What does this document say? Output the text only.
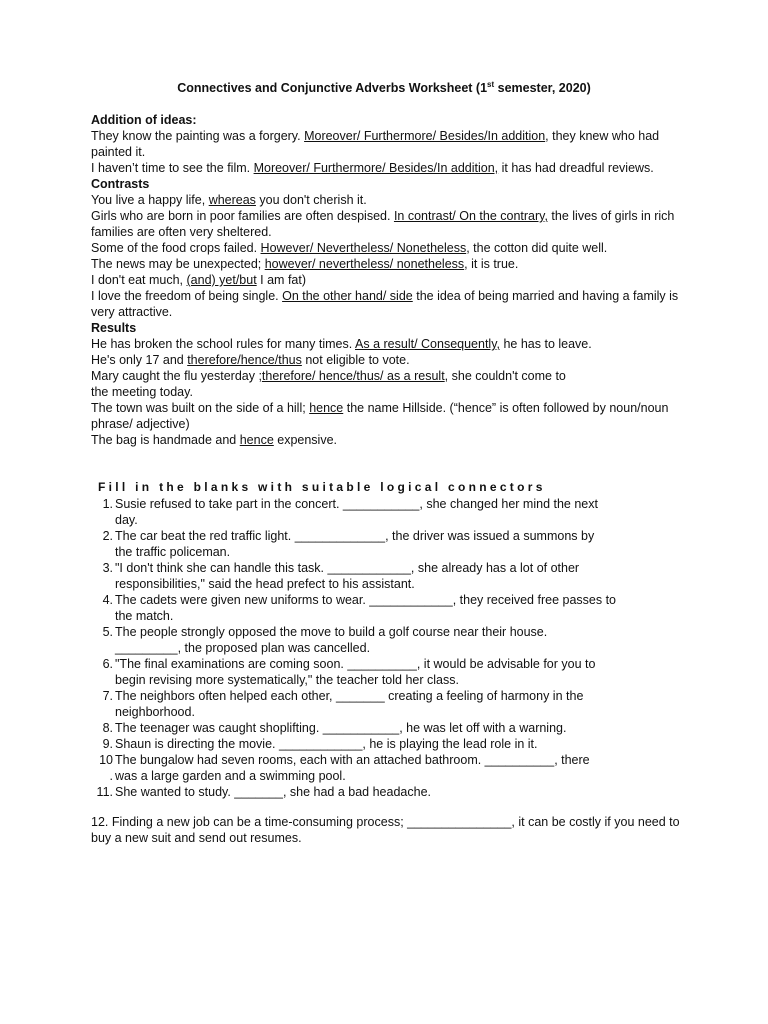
Connectives and Conjunctive Adverbs Worksheet (1st semester, 2020)

Addition of ideas:

They know the painting was a forgery. Moreover/ Furthermore/ Besides/In addition, they knew who had painted it.

I haven’t time to see the film. Moreover/ Furthermore/ Besides/In addition, it has had dreadful reviews.

Contrasts

You live a happy life, whereas you don't cherish it.

Girls who are born in poor families are often despised. In contrast/ On the contrary, the lives of girls in rich families are often very sheltered.

Some of the food crops failed. However/ Nevertheless/ Nonetheless, the cotton did quite well.

The news may be unexpected; however/ nevertheless/ nonetheless, it is true.

I don't eat much, (and) yet/but I am fat)

I love the freedom of being single. On the other hand/ side the idea of being married and having a family is very attractive.

Results

He has broken the school rules for many times. As a result/ Consequently, he has to leave.

He's only 17 and therefore/hence/thus not eligible to vote.

Mary caught the flu yesterday ;therefore/ hence/thus/ as a result, she couldn't come to

the meeting today.

The town was built on the side of a hill; hence the name Hillside. (“hence” is often followed by noun/noun phrase/ adjective)

The bag is handmade and hence expensive.

Fill in the blanks with suitable logical connectors
1. Susie refused to take part in the concert. ___________, she changed her mind the next
day.
2. The car beat the red traffic light. _____________, the driver was issued a summons by
the traffic policeman.
3. "I don't think she can handle this task. ____________, she already has a lot of other
responsibilities," said the head prefect to his assistant.
4. The cadets were given new uniforms to wear. ____________, they received free passes to
the match.
5. The people strongly opposed the move to build a golf course near their house.
_________, the proposed plan was cancelled.
6. "The final examinations are coming soon. __________, it would be advisable for you to
begin revising more systematically," the teacher told her class.
7. The neighbors often helped each other, _______ creating a feeling of harmony in the
neighborhood.
8. The teenager was caught shoplifting. ___________, he was let off with a warning.
9. Shaun is directing the movie. ____________, he is playing the lead role in it.
10
.
The bungalow had seven rooms, each with an attached bathroom. __________, there
was a large garden and a swimming pool.
11. She wanted to study. _______, she had a bad headache.
12. Finding a new job can be a time-consuming process; _______________, it can be costly if you need to buy a new suit and send out resumes.
